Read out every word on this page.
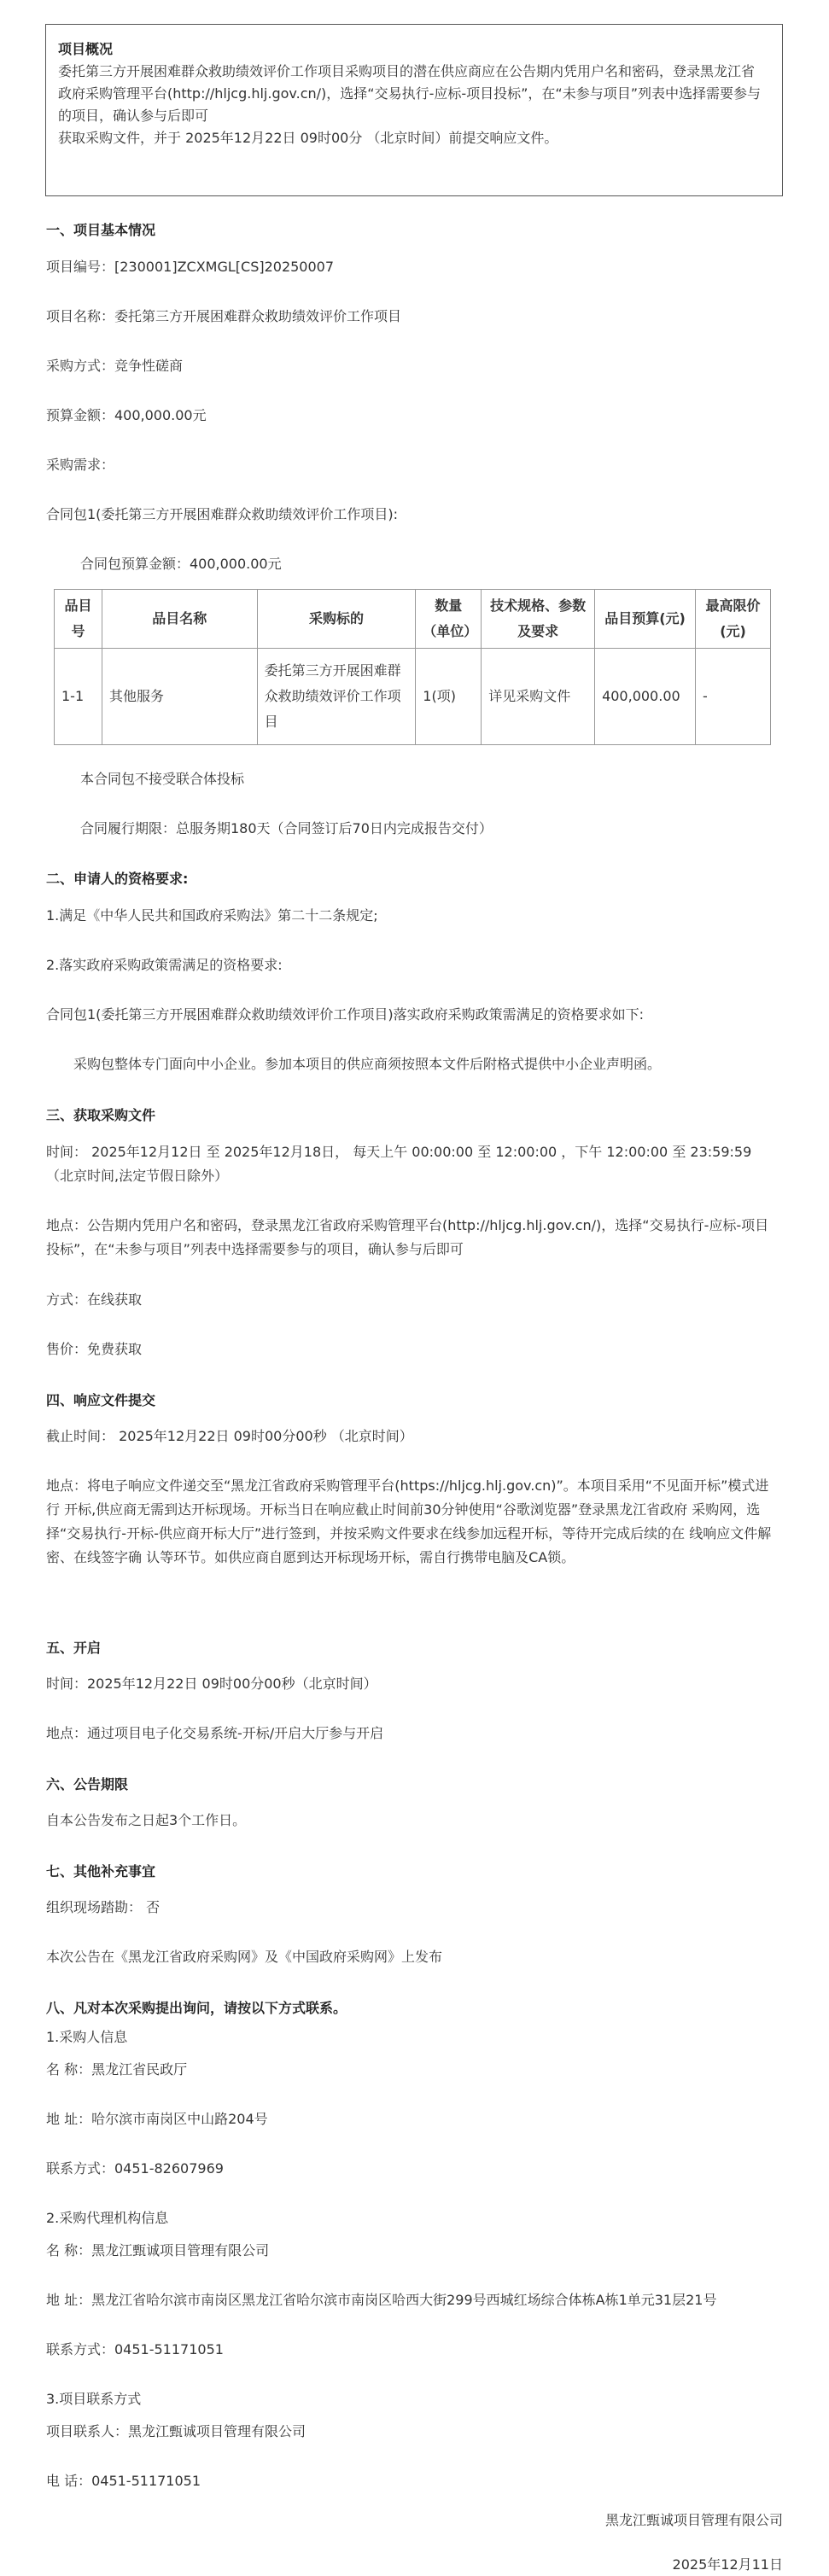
项目概况
委托第三方开展困难群众救助绩效评价工作项目采购项目的潜在供应商应在公告期内凭用户名和密码，登录黑龙江省政府采购管理平台(http://hljcg.hlj.gov.cn/)，选择“交易执行-应标-项目投标”，在“未参与项目”列表中选择需要参与的项目，确认参与后即可
获取采购文件，并于 2025年12月22日 09时00分 （北京时间）前提交响应文件。
一、项目基本情况
项目编号：[230001]ZCXMGL[CS]20250007
项目名称：委托第三方开展困难群众救助绩效评价工作项目
采购方式：竞争性磋商
预算金额：400,000.00元
采购需求：
合同包1(委托第三方开展困难群众救助绩效评价工作项目):
合同包预算金额：400,000.00元
品目号	品目名称	采购标的	数量（单位）	技术规格、参数及要求	品目预算(元)	最高限价(元)
1-1	其他服务	委托第三方开展困难群众救助绩效评价工作项目	1(项)	详见采购文件	400,000.00	-
本合同包不接受联合体投标
合同履行期限：总服务期180天（合同签订后70日内完成报告交付）
二、申请人的资格要求:
1.满足《中华人民共和国政府采购法》第二十二条规定;
2.落实政府采购政策需满足的资格要求:
合同包1(委托第三方开展困难群众救助绩效评价工作项目)落实政府采购政策需满足的资格要求如下:
采购包整体专门面向中小企业。参加本项目的供应商须按照本文件后附格式提供中小企业声明函。
三、获取采购文件
时间： 2025年12月12日 至 2025年12月18日， 每天上午 00:00:00 至 12:00:00 ，下午 12:00:00 至 23:59:59 （北京时间,法定节假日除外）
地点：公告期内凭用户名和密码，登录黑龙江省政府采购管理平台(http://hljcg.hlj.gov.cn/)，选择“交易执行-应标-项目投标”，在“未参与项目”列表中选择需要参与的项目，确认参与后即可
方式：在线获取
售价：免费获取
四、响应文件提交
截止时间： 2025年12月22日 09时00分00秒 （北京时间）
地点：将电子响应文件递交至“黑龙江省政府采购管理平台(https://hljcg.hlj.gov.cn)”。本项目采用“不见面开标”模式进行 开标,供应商无需到达开标现场。开标当日在响应截止时间前30分钟使用“谷歌浏览器”登录黑龙江省政府 采购网，选择“交易执行-开标-供应商开标大厅”进行签到，并按采购文件要求在线参加远程开标，等待开完成后续的在 线响应文件解密、在线签字确 认等环节。如供应商自愿到达开标现场开标，需自行携带电脑及CA锁。
五、开启
时间：2025年12月22日 09时00分00秒（北京时间）
地点：通过项目电子化交易系统-开标/开启大厅参与开启
六、公告期限
自本公告发布之日起3个工作日。
七、其他补充事宜
组织现场踏勘： 否
本次公告在《黑龙江省政府采购网》及《中国政府采购网》上发布
八、凡对本次采购提出询问，请按以下方式联系。
1.采购人信息
名 称：黑龙江省民政厅
地 址：哈尔滨市南岗区中山路204号
联系方式：0451-82607969
2.采购代理机构信息
名 称：黑龙江甄诚项目管理有限公司
地 址：黑龙江省哈尔滨市南岗区黑龙江省哈尔滨市南岗区哈西大街299号西城红场综合体栋A栋1单元31层21号
联系方式：0451-51171051
3.项目联系方式
项目联系人：黑龙江甄诚项目管理有限公司
电 话：0451-51171051
黑龙江甄诚项目管理有限公司
2025年12月11日
